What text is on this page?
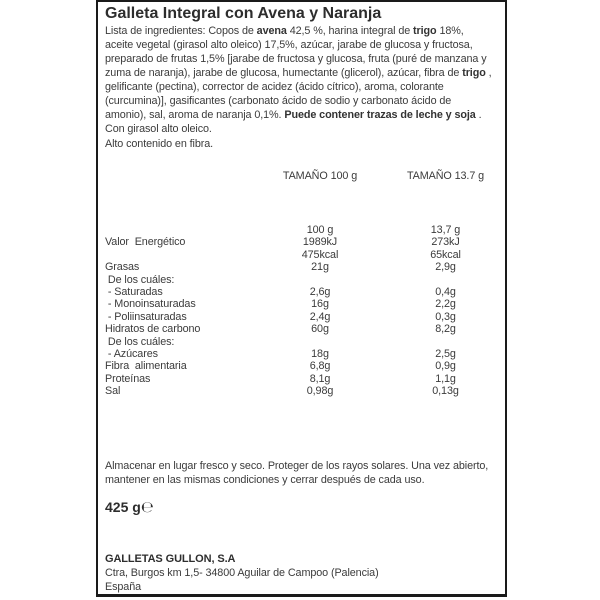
Galleta Integral con Avena y Naranja
Lista de ingredientes: Copos de avena 42,5 %, harina integral de trigo 18%,
aceite vegetal (girasol alto oleico) 17,5%, azúcar, jarabe de glucosa y fructosa,
preparado de frutas 1,5% [jarabe de fructosa y glucosa, fruta (puré de manzana y
zuma de naranja), jarabe de glucosa, humectante (glicerol), azúcar, fibra de trigo ,
gelificante (pectina), corrector de acidez (ácido cítrico), aroma, colorante
(curcumina)], gasificantes (carbonato ácido de sodio y carbonato ácido de
amonio), sal, aroma de naranja 0,1%. Puede contener trazas de leche y soja .
Con girasol alto oleico.
Alto contenido en fibra.
TAMAÑO 100 g	TAMAÑO 13.7 g
100 g	13,7 g
Valor  Energético	1989kJ	273kJ
475kcal	65kcal
Grasas	21g	2,9g
De los cuáles:
- Saturadas	2,6g	0,4g
- Monoinsaturadas	16g	2,2g
- Poliinsaturadas	2,4g	0,3g
Hidratos de carbono	60g	8,2g
De los cuáles:
- Azúcares	18g	2,5g
Fibra  alimentaria	6,8g	0,9g
Proteínas	8,1g	1,1g
Sal	0,98g	0,13g
Almacenar en lugar fresco y seco. Proteger de los rayos solares. Una vez abierto,
mantener en las mismas condiciones y cerrar después de cada uso.
425 g℮
GALLETAS GULLON, S.A
Ctra, Burgos km 1,5- 34800 Aguilar de Campoo (Palencia)
España
